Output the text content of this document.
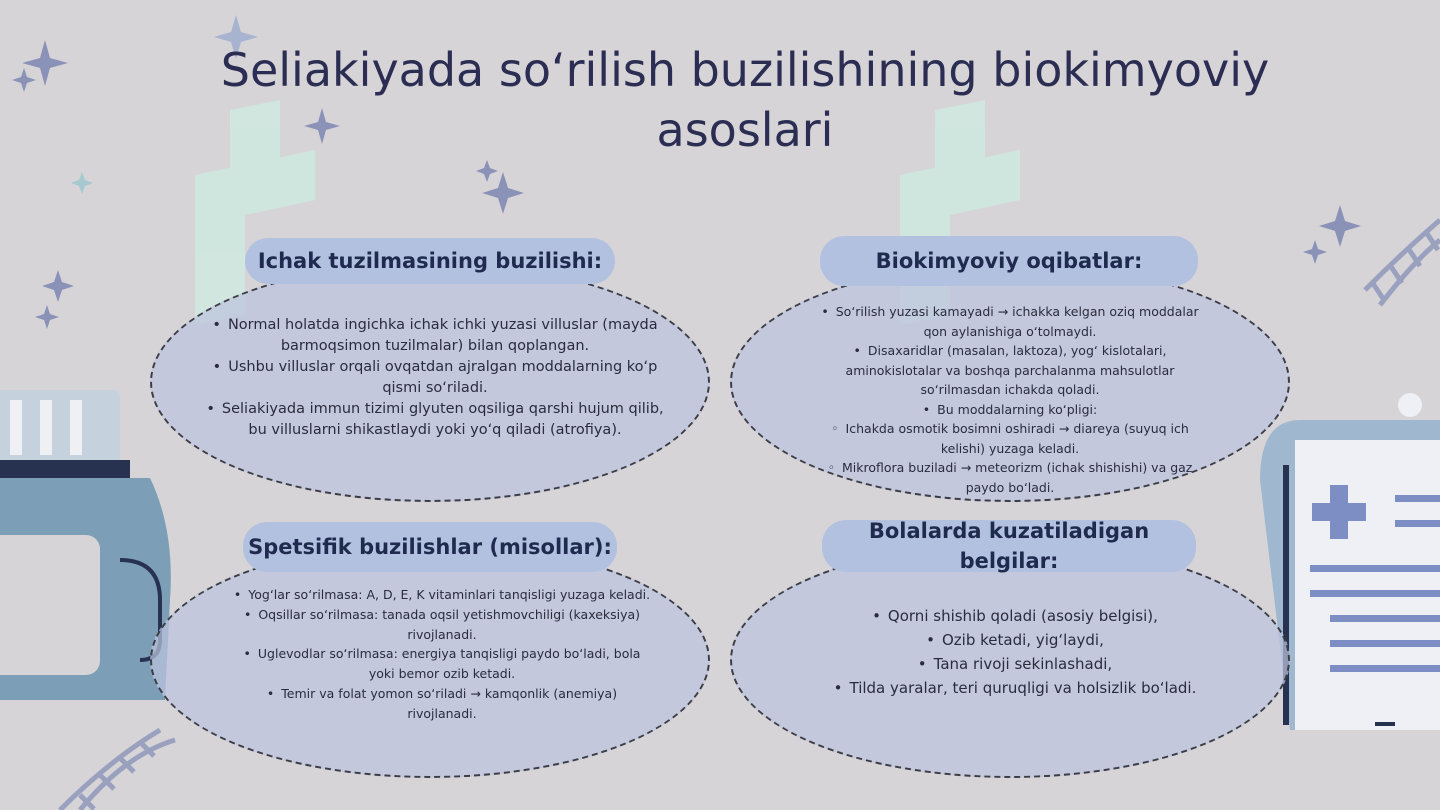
Seliakiyada so‘rilish buzilishining biokimyoviy asoslari
Ichak tuzilmasining buzilishi:
• Normal holatda ingichka ichak ichki yuzasi villuslar (mayda barmoqsimon tuzilmalar) bilan qoplangan.
• Ushbu villuslar orqali ovqatdan ajralgan moddalarning ko‘p qismi so‘riladi.
• Seliakiyada immun tizimi glyuten oqsiliga qarshi hujum qilib, bu villuslarni shikastlaydi yoki yo‘q qiladi (atrofiya).
Biokimyoviy oqibatlar:
• So‘rilish yuzasi kamayadi → ichakka kelgan oziq moddalar qon aylanishiga o‘tolmaydi.
• Disaxaridlar (masalan, laktoza), yog‘ kislotalari, aminokislotalar va boshqa parchalanma mahsulotlar so‘rilmasdan ichakda qoladi.
• Bu moddalarning ko‘pligi:
◦ Ichakda osmotik bosimni oshiradi → diareya (suyuq ich kelishi) yuzaga keladi.
◦ Mikroflora buziladi → meteorizm (ichak shishishi) va gaz paydo bo‘ladi.
Spetsifik buzilishlar (misollar):
• Yog‘lar so‘rilmasa: A, D, E, K vitaminlari tanqisligi yuzaga keladi.
• Oqsillar so‘rilmasa: tanada oqsil yetishmovchiligi (kaxeksiya) rivojlanadi.
• Uglevodlar so‘rilmasa: energiya tanqisligi paydo bo‘ladi, bola yoki bemor ozib ketadi.
• Temir va folat yomon so‘riladi → kamqonlik (anemiya) rivojlanadi.
Bolalarda kuzatiladigan belgilar:
• Qorni shishib qoladi (asosiy belgisi),
• Ozib ketadi, yig‘laydi,
• Tana rivoji sekinlashadi,
• Tilda yaralar, teri quruqligi va holsizlik bo‘ladi.
